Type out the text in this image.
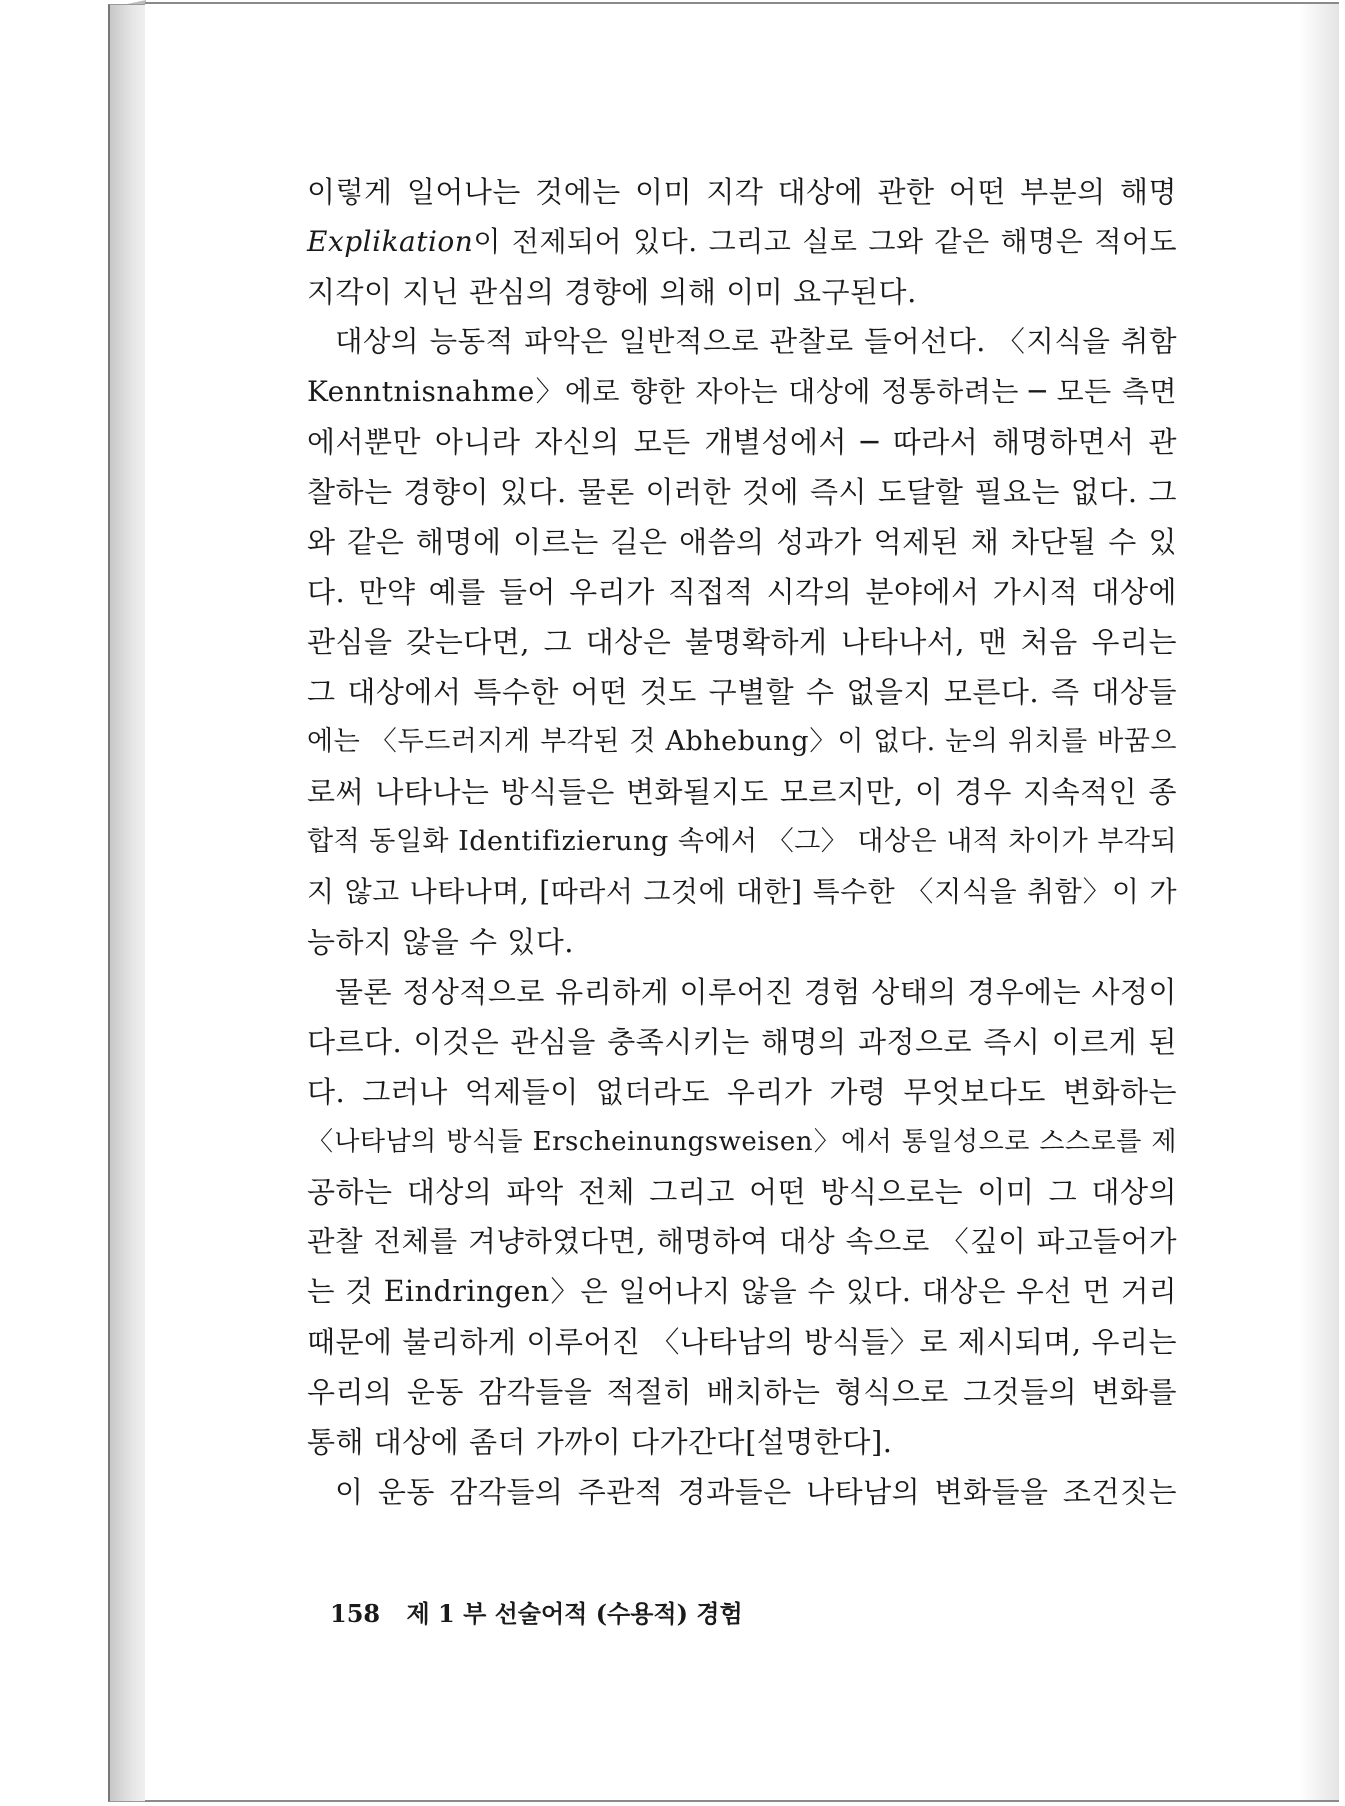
이렇게 일어나는 것에는 이미 지각 대상에 관한 어떤 부분의 해명
Explikation이 전제되어 있다. 그리고 실로 그와 같은 해명은 적어도
지각이 지닌 관심의 경향에 의해 이미 요구된다.
대상의 능동적 파악은 일반적으로 관찰로 들어선다. 〈지식을 취함
Kenntnisnahme〉에로 향한 자아는 대상에 정통하려는 ─ 모든 측면
에서뿐만 아니라 자신의 모든 개별성에서 ─ 따라서 해명하면서 관
찰하는 경향이 있다. 물론 이러한 것에 즉시 도달할 필요는 없다. 그
와 같은 해명에 이르는 길은 애씀의 성과가 억제된 채 차단될 수 있
다. 만약 예를 들어 우리가 직접적 시각의 분야에서 가시적 대상에
관심을 갖는다면, 그 대상은 불명확하게 나타나서, 맨 처음 우리는
그 대상에서 특수한 어떤 것도 구별할 수 없을지 모른다. 즉 대상들
에는 〈두드러지게 부각된 것 Abhebung〉이 없다. 눈의 위치를 바꿈으
로써 나타나는 방식들은 변화될지도 모르지만, 이 경우 지속적인 종
합적 동일화 Identifizierung 속에서 〈그〉 대상은 내적 차이가 부각되
지 않고 나타나며, [따라서 그것에 대한] 특수한 〈지식을 취함〉이 가
능하지 않을 수 있다.
물론 정상적으로 유리하게 이루어진 경험 상태의 경우에는 사정이
다르다. 이것은 관심을 충족시키는 해명의 과정으로 즉시 이르게 된
다. 그러나 억제들이 없더라도 우리가 가령 무엇보다도 변화하는
〈나타남의 방식들 Erscheinungsweisen〉에서 통일성으로 스스로를 제
공하는 대상의 파악 전체 그리고 어떤 방식으로는 이미 그 대상의
관찰 전체를 겨냥하였다면, 해명하여 대상 속으로 〈깊이 파고들어가
는 것 Eindringen〉은 일어나지 않을 수 있다. 대상은 우선 먼 거리
때문에 불리하게 이루어진 〈나타남의 방식들〉로 제시되며, 우리는
우리의 운동 감각들을 적절히 배치하는 형식으로 그것들의 변화를
통해 대상에 좀더 가까이 다가간다[설명한다].
이 운동 감각들의 주관적 경과들은 나타남의 변화들을 조건짓는
158 제 1 부 선술어적 (수용적) 경험
